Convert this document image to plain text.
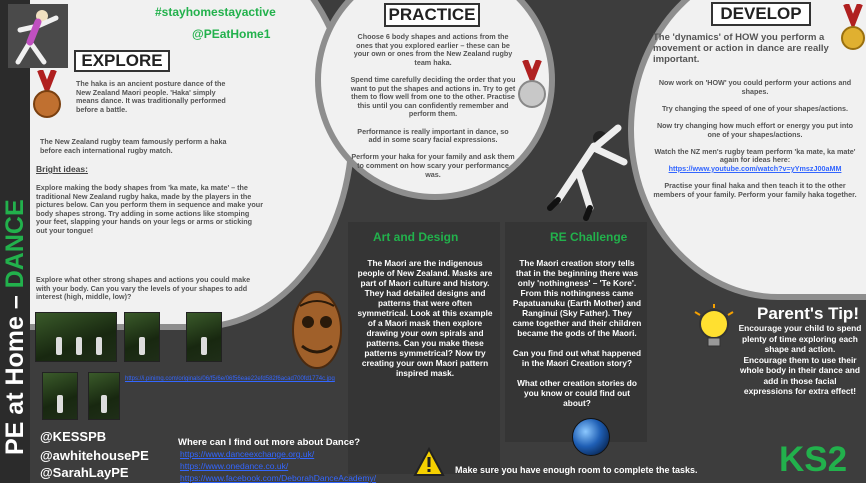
PE at Home – DANCE
#stayhomestayactive
@PEatHome1
EXPLORE
The haka is an ancient posture dance of the New Zealand Maori people. 'Haka' simply means dance. It was traditionally performed before a battle.
The New Zealand rugby team famously perform a haka before each international rugby match.
Bright ideas:
Explore making the body shapes from 'ka mate, ka mate' – the traditional New Zealand rugby haka, made by the players in the pictures below. Can you perform them in sequence and make your body shapes strong. Try adding in some actions like stomping your feet, slapping your hands on your legs or arms or sticking out your tongue!
Explore what other strong shapes and actions you could make with your body. Can you vary the levels of your shapes to add interest (high, middle, low)?
https://i.pinimg.com/originals/06/f5/6e/06f56eae22efd582f6acad700fd1774c.jpg
PRACTICE

Choose 6 body shapes and actions from the ones that you explored earlier – these can be your own or ones from the New Zealand rugby team haka.

Spend time carefully deciding the order that you want to put the shapes and actions in. Try to get them to flow well from one to the other. Practise this until you can confidently remember and perform them.

Performance is really important in dance, so add in some scary facial expressions.

Perform your haka for your family and ask them to comment on how scary your performance was.

DEVELOP
The 'dynamics' of HOW you perform a movement or action in dance are really important.

Now work on 'HOW' you could perform your actions and shapes.

Try changing the speed of one of your shapes/actions.

Now try changing how much effort or energy you put into one of your shapes/actions.

Watch the NZ men's rugby team perform 'ka mate, ka mate' again for ideas here:

https://www.youtube.com/watch?v=yYmszJ00aMM

Practise your final haka and then teach it to the other members of your family. Perform your family haka together.

Art and Design
The Maori are the indigenous people of New Zealand. Masks are part of Maori culture and history. They had detailed designs and patterns that were often symmetrical. Look at this example of a Maori mask then explore drawing your own spirals and patterns. Can you make these patterns symmetrical? Now try creating your own Maori pattern inspired mask.
RE Challenge

The Maori creation story tells that in the beginning there was only 'nothingness' – 'Te Kore'. From this nothingness came Papatuanuku (Earth Mother) and Ranginui (Sky Father). They came together and their children became the gods of the Maori.

Can you find out what happened in the Maori Creation story?

What other creation stories do you know or could find out about?

@KESSPB
@awhitehousePE
@SarahLayPE
Where can I find out more about Dance?
https://www.danceexchange.org.uk/
https://www.onedance.co.uk/
https://www.facebook.com/DeborahDanceAcademy/
Make sure you have enough room to complete the tasks.
Parent's Tip!

Encourage your child to spend plenty of time exploring each shape and action.

Encourage them to use their whole body in their dance and add in those facial expressions for extra effect!

KS2
